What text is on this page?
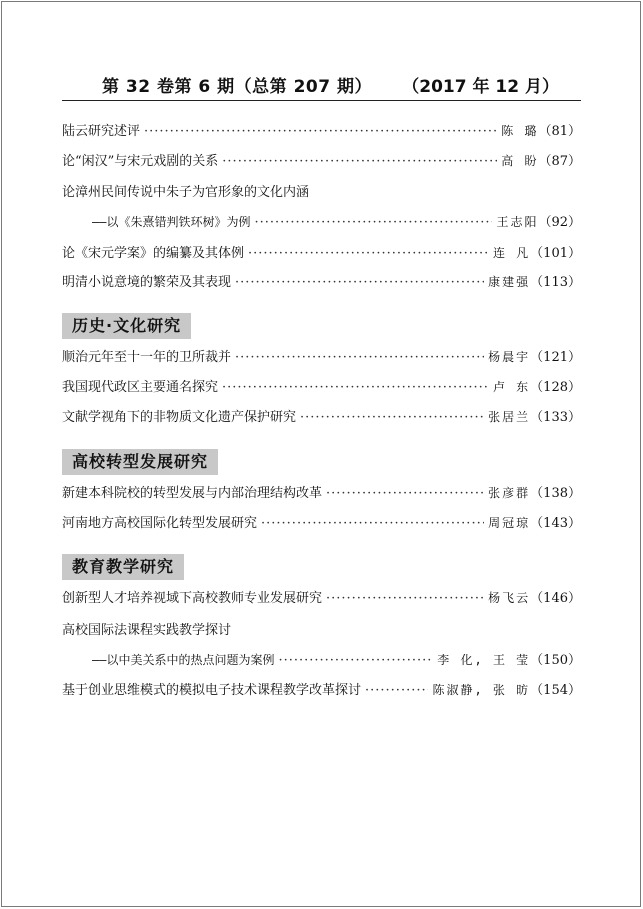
第 32 卷第 6 期（总第 207 期） （2017 年 12 月）
陆云研究述评 ·····	陈 璐 （81）
论“闲汉”与宋元戏剧的关系 ·····	高 盼 （87）
论漳州民间传说中朱子为官形象的文化内涵
——以《朱熹错判铁环树》为例 ·····	王志阳 （92）
论《宋元学案》的编纂及其体例 ·····	连 凡 （101）
明清小说意境的繁荣及其表现 ·····	康建强 （113）
历史·文化研究
顺治元年至十一年的卫所裁并 ·····	杨晨宇 （121）
我国现代政区主要通名探究 ·····	卢 东 （128）
文献学视角下的非物质文化遗产保护研究 ·····	张居兰 （133）
高校转型发展研究
新建本科院校的转型发展与内部治理结构改革 ·····	张彦群 （138）
河南地方高校国际化转型发展研究 ·····	周冠琼 （143）
教育教学研究
创新型人才培养视域下高校教师专业发展研究 ·····	杨飞云 （146）
高校国际法课程实践教学探讨
——以中美关系中的热点问题为案例 ·····	李 化, 王 莹 （150）
基于创业思维模式的模拟电子技术课程教学改革探讨 ·····	陈淑静, 张 昉 （154）
